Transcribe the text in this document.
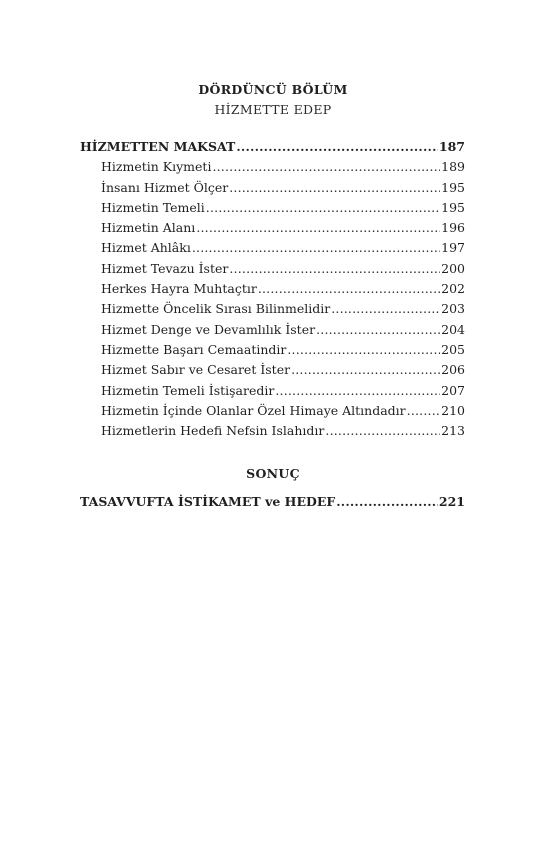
DÖRDÜNCÜ BÖLÜM
HİZMETTE EDEP
HİZMETTEN MAKSAT .....	187
Hizmetin Kıymeti .....	189
İnsanı Hizmet Ölçer .....	195
Hizmetin Temeli .....	195
Hizmetin Alanı .....	196
Hizmet Ahlâkı .....	197
Hizmet Tevazu İster .....	200
Herkes Hayra Muhtaçtır .....	202
Hizmette Öncelik Sırası Bilinmelidir .....	203
Hizmet Denge ve Devamlılık İster .....	204
Hizmette Başarı Cemaatindir .....	205
Hizmet Sabır ve Cesaret İster .....	206
Hizmetin Temeli İstişaredir .....	207
Hizmetin İçinde Olanlar Özel Himaye Altındadır .....	210
Hizmetlerin Hedefi Nefsin Islahıdır .....	213
SONUÇ
TASAVVUFTA İSTİKAMET ve HEDEF .....	221
